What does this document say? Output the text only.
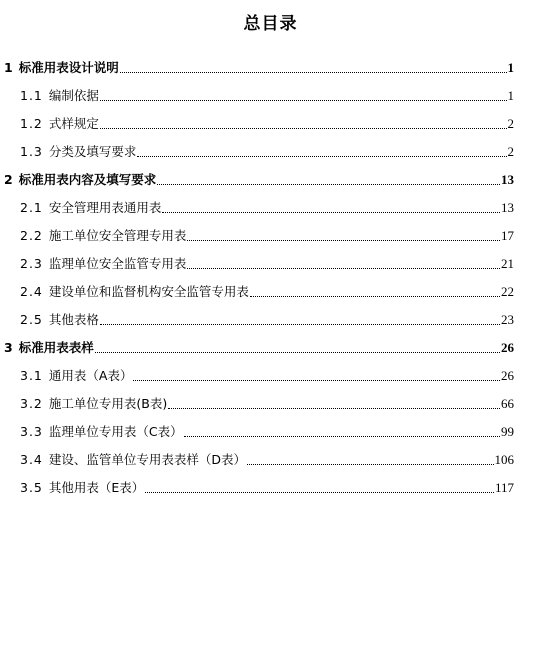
总目录
1 标准用表设计说明	1
1.1 编制依据	1
1.2 式样规定	2
1.3 分类及填写要求	2
2 标准用表内容及填写要求	13
2.1 安全管理用表通用表	13
2.2 施工单位安全管理专用表	17
2.3 监理单位安全监管专用表	21
2.4 建设单位和监督机构安全监管专用表	22
2.5 其他表格	23
3 标准用表表样	26
3.1 通用表（A表）	26
3.2 施工单位专用表(B表)	66
3.3 监理单位专用表（C表）	99
3.4 建设、监管单位专用表表样（D表）	106
3.5 其他用表（E表）	117
